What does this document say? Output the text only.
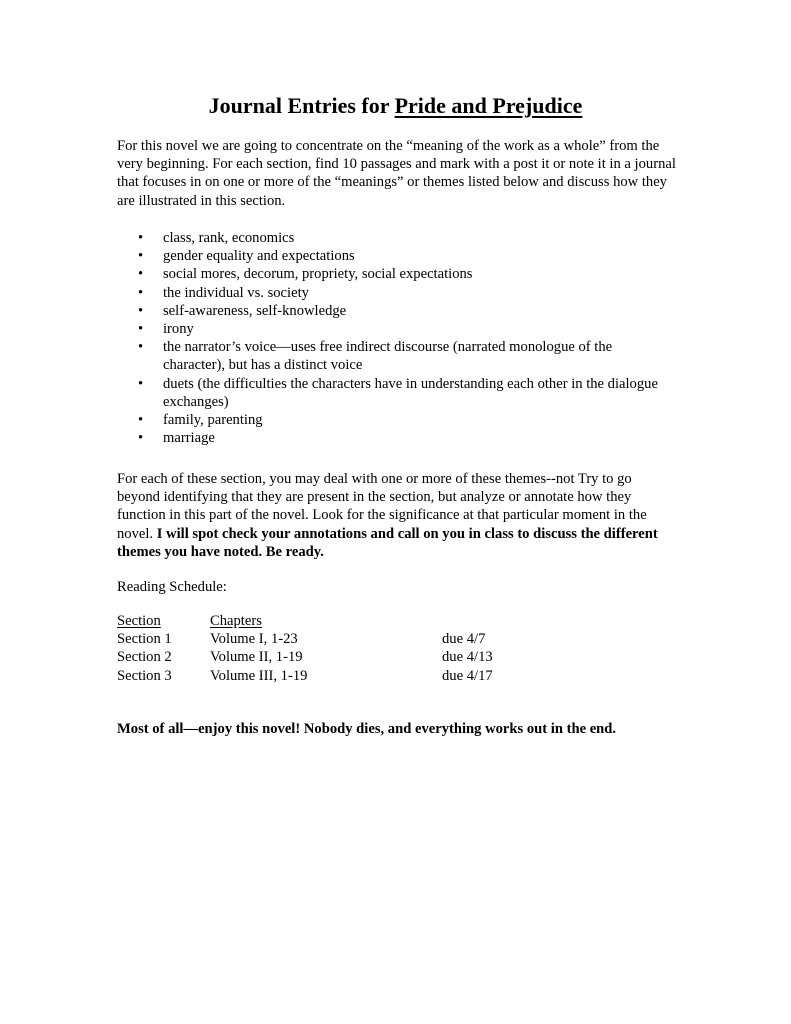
Journal Entries for Pride and Prejudice
For this novel we are going to concentrate on the “meaning of the work as a whole” from the very beginning. For each section, find 10 passages and mark with a post it or note it in a journal that focuses in on one or more of the “meanings” or themes listed below and discuss how they are illustrated in this section.
• class, rank, economics
• gender equality and expectations
• social mores, decorum, propriety, social expectations
• the individual vs. society
• self-awareness, self-knowledge
• irony
• the narrator’s voice—uses free indirect discourse (narrated monologue of the character), but has a distinct voice
• duets (the difficulties the characters have in understanding each other in the dialogue exchanges)
• family, parenting
• marriage
For each of these section, you may deal with one or more of these themes--not Try to go beyond identifying that they are present in the section, but analyze or annotate how they function in this part of the novel. Look for the significance at that particular moment in the novel. I will spot check your annotations and call on you in class to discuss the different themes you have noted. Be ready.
Reading Schedule:
Section	Chapters
Section 1	Volume I, 1-23	due 4/7
Section 2	Volume II, 1-19	due 4/13
Section 3	Volume III, 1-19	due 4/17
Most of all—enjoy this novel! Nobody dies, and everything works out in the end.
